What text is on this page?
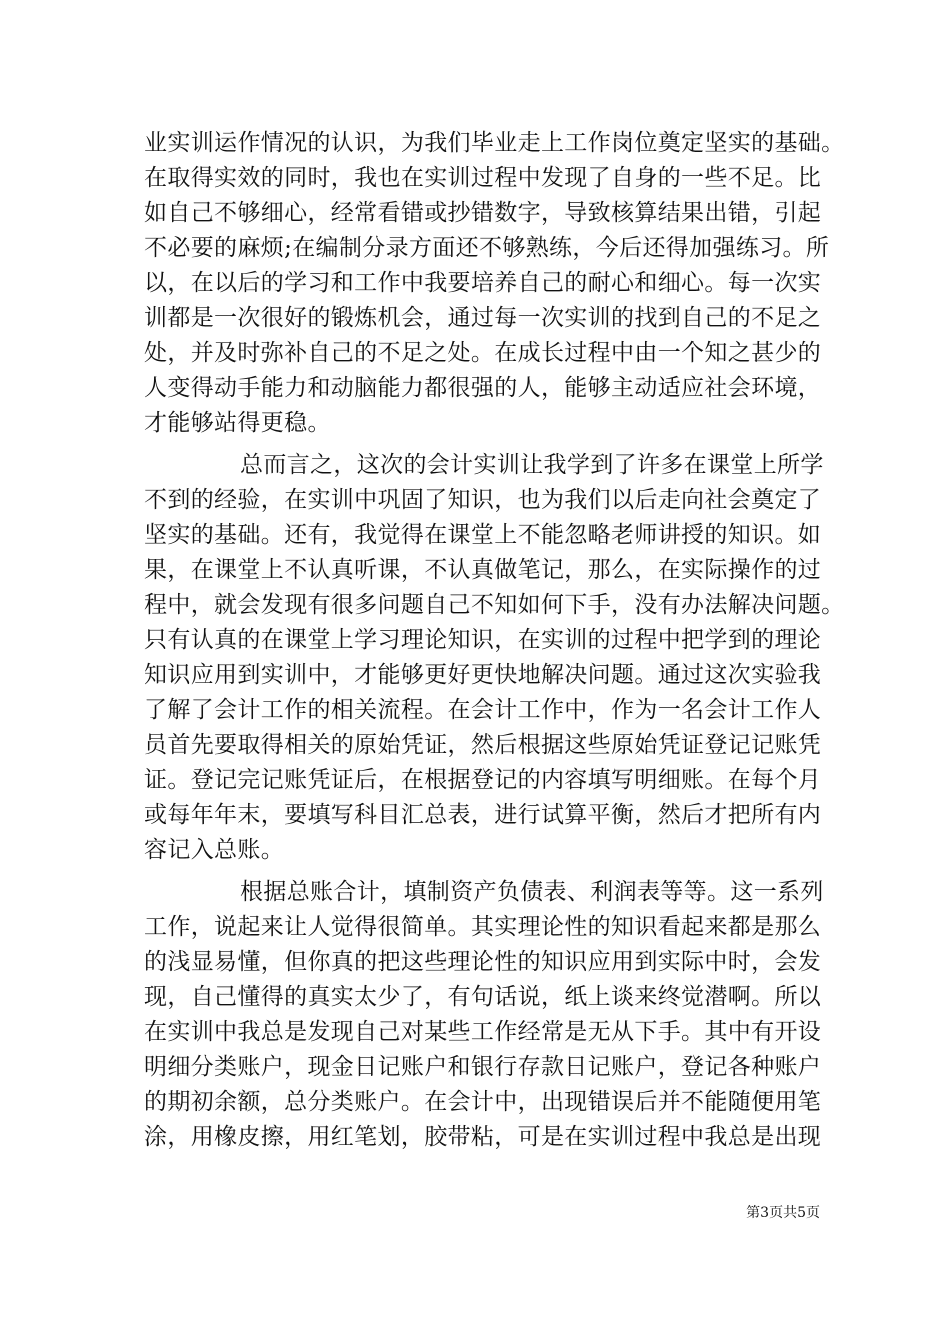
业实训运作情况的认识，为我们毕业走上工作岗位奠定坚实的基础。
在取得实效的同时，我也在实训过程中发现了自身的一些不足。比
如自己不够细心，经常看错或抄错数字，导致核算结果出错，引起
不必要的麻烦;在编制分录方面还不够熟练，今后还得加强练习。所
以，在以后的学习和工作中我要培养自己的耐心和细心。每一次实
训都是一次很好的锻炼机会，通过每一次实训的找到自己的不足之
处，并及时弥补自己的不足之处。在成长过程中由一个知之甚少的
人变得动手能力和动脑能力都很强的人，能够主动适应社会环境，
才能够站得更稳。
总而言之，这次的会计实训让我学到了许多在课堂上所学
不到的经验，在实训中巩固了知识，也为我们以后走向社会奠定了
坚实的基础。还有，我觉得在课堂上不能忽略老师讲授的知识。如
果，在课堂上不认真听课，不认真做笔记，那么，在实际操作的过
程中，就会发现有很多问题自己不知如何下手，没有办法解决问题。
只有认真的在课堂上学习理论知识，在实训的过程中把学到的理论
知识应用到实训中，才能够更好更快地解决问题。通过这次实验我
了解了会计工作的相关流程。在会计工作中，作为一名会计工作人
员首先要取得相关的原始凭证，然后根据这些原始凭证登记记账凭
证。登记完记账凭证后，在根据登记的内容填写明细账。在每个月
或每年年末，要填写科目汇总表，进行试算平衡，然后才把所有内
容记入总账。
根据总账合计，填制资产负债表、利润表等等。这一系列
工作，说起来让人觉得很简单。其实理论性的知识看起来都是那么
的浅显易懂，但你真的把这些理论性的知识应用到实际中时，会发
现，自己懂得的真实太少了，有句话说，纸上谈来终觉潜啊。所以
在实训中我总是发现自己对某些工作经常是无从下手。其中有开设
明细分类账户，现金日记账户和银行存款日记账户，登记各种账户
的期初余额，总分类账户。在会计中，出现错误后并不能随便用笔
涂，用橡皮擦，用红笔划，胶带粘，可是在实训过程中我总是出现
第3页共5页
